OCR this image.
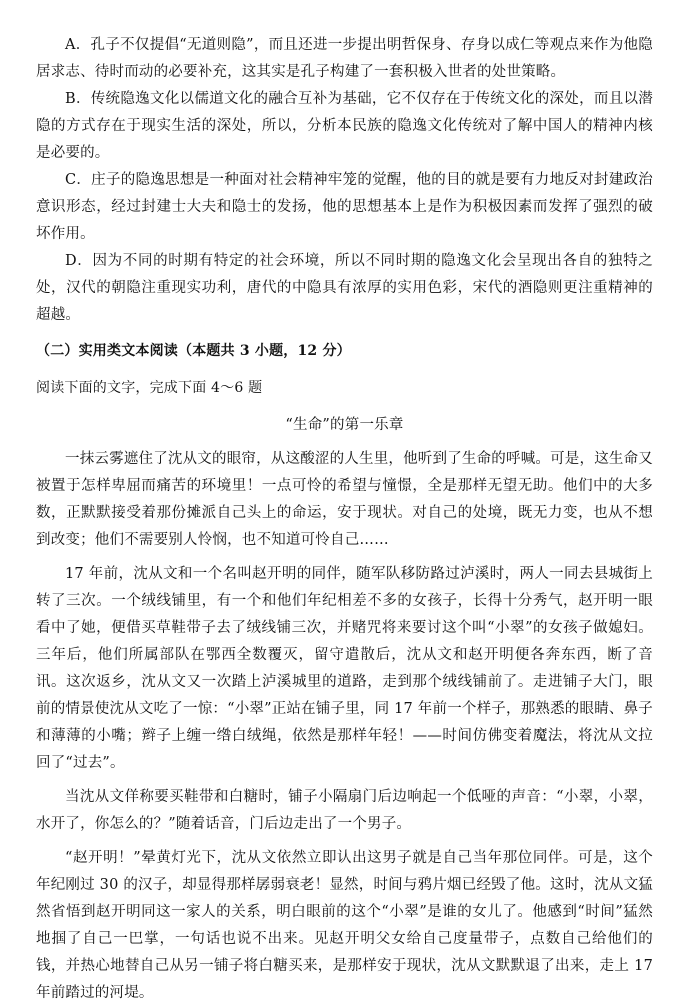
A．孔子不仅提倡“无道则隐”，而且还进一步提出明哲保身、存身以成仁等观点来作为他隐居求志、待时而动的必要补充，这其实是孔子构建了一套积极入世者的处世策略。

B．传统隐逸文化以儒道文化的融合互补为基础，它不仅存在于传统文化的深处，而且以潜隐的方式存在于现实生活的深处，所以，分析本民族的隐逸文化传统对了解中国人的精神内核是必要的。

C．庄子的隐逸思想是一种面对社会精神牢笼的觉醒，他的目的就是要有力地反对封建政治意识形态，经过封建士大夫和隐士的发扬，他的思想基本上是作为积极因素而发挥了强烈的破坏作用。

D．因为不同的时期有特定的社会环境，所以不同时期的隐逸文化会呈现出各自的独特之处，汉代的朝隐注重现实功利，唐代的中隐具有浓厚的实用色彩，宋代的酒隐则更注重精神的超越。

（二）实用类文本阅读（本题共 3 小题，12 分）

阅读下面的文字，完成下面 4～6 题

“生命”的第一乐章

一抹云雾遮住了沈从文的眼帘，从这酸涩的人生里，他听到了生命的呼喊。可是，这生命又被置于怎样卑屈而痛苦的环境里！一点可怜的希望与憧憬，全是那样无望无助。他们中的大多数，正默默接受着那份摊派自己头上的命运，安于现状。对自己的处境，既无力变，也从不想到改变；他们不需要别人怜悯，也不知道可怜自己……

17 年前，沈从文和一个名叫赵开明的同伴，随军队移防路过泸溪时，两人一同去县城街上转了三次。一个绒线铺里，有一个和他们年纪相差不多的女孩子，长得十分秀气，赵开明一眼看中了她，便借买草鞋带子去了绒线铺三次，并赌咒将来要讨这个叫“小翠”的女孩子做媳妇。三年后，他们所属部队在鄂西全数覆灭，留守遣散后，沈从文和赵开明便各奔东西，断了音讯。这次返乡，沈从文又一次踏上泸溪城里的道路，走到那个绒线铺前了。走进铺子大门，眼前的情景使沈从文吃了一惊：“小翠”正站在铺子里，同 17 年前一个样子，那熟悉的眼睛、鼻子和薄薄的小嘴；辫子上缠一绺白绒绳，依然是那样年轻！——时间仿佛变着魔法，将沈从文拉回了“过去”。

当沈从文佯称要买鞋带和白糖时，铺子小隔扇门后边响起一个低哑的声音：“小翠，小翠，水开了，你怎么的？”随着话音，门后边走出了一个男子。

“赵开明！”晕黄灯光下，沈从文依然立即认出这男子就是自己当年那位同伴。可是，这个年纪刚过 30 的汉子，却显得那样孱弱衰老！显然，时间与鸦片烟已经毁了他。这时，沈从文猛然省悟到赵开明同这一家人的关系，明白眼前的这个“小翠”是谁的女儿了。他感到“时间”猛然地掴了自己一巴掌，一句话也说不出来。见赵开明父女给自己度量带子，点数自己给他们的钱，并热心地替自己从另一铺子将白糖买来，是那样安于现状，沈从文默默退了出来，走上 17 年前踏过的河堤。
